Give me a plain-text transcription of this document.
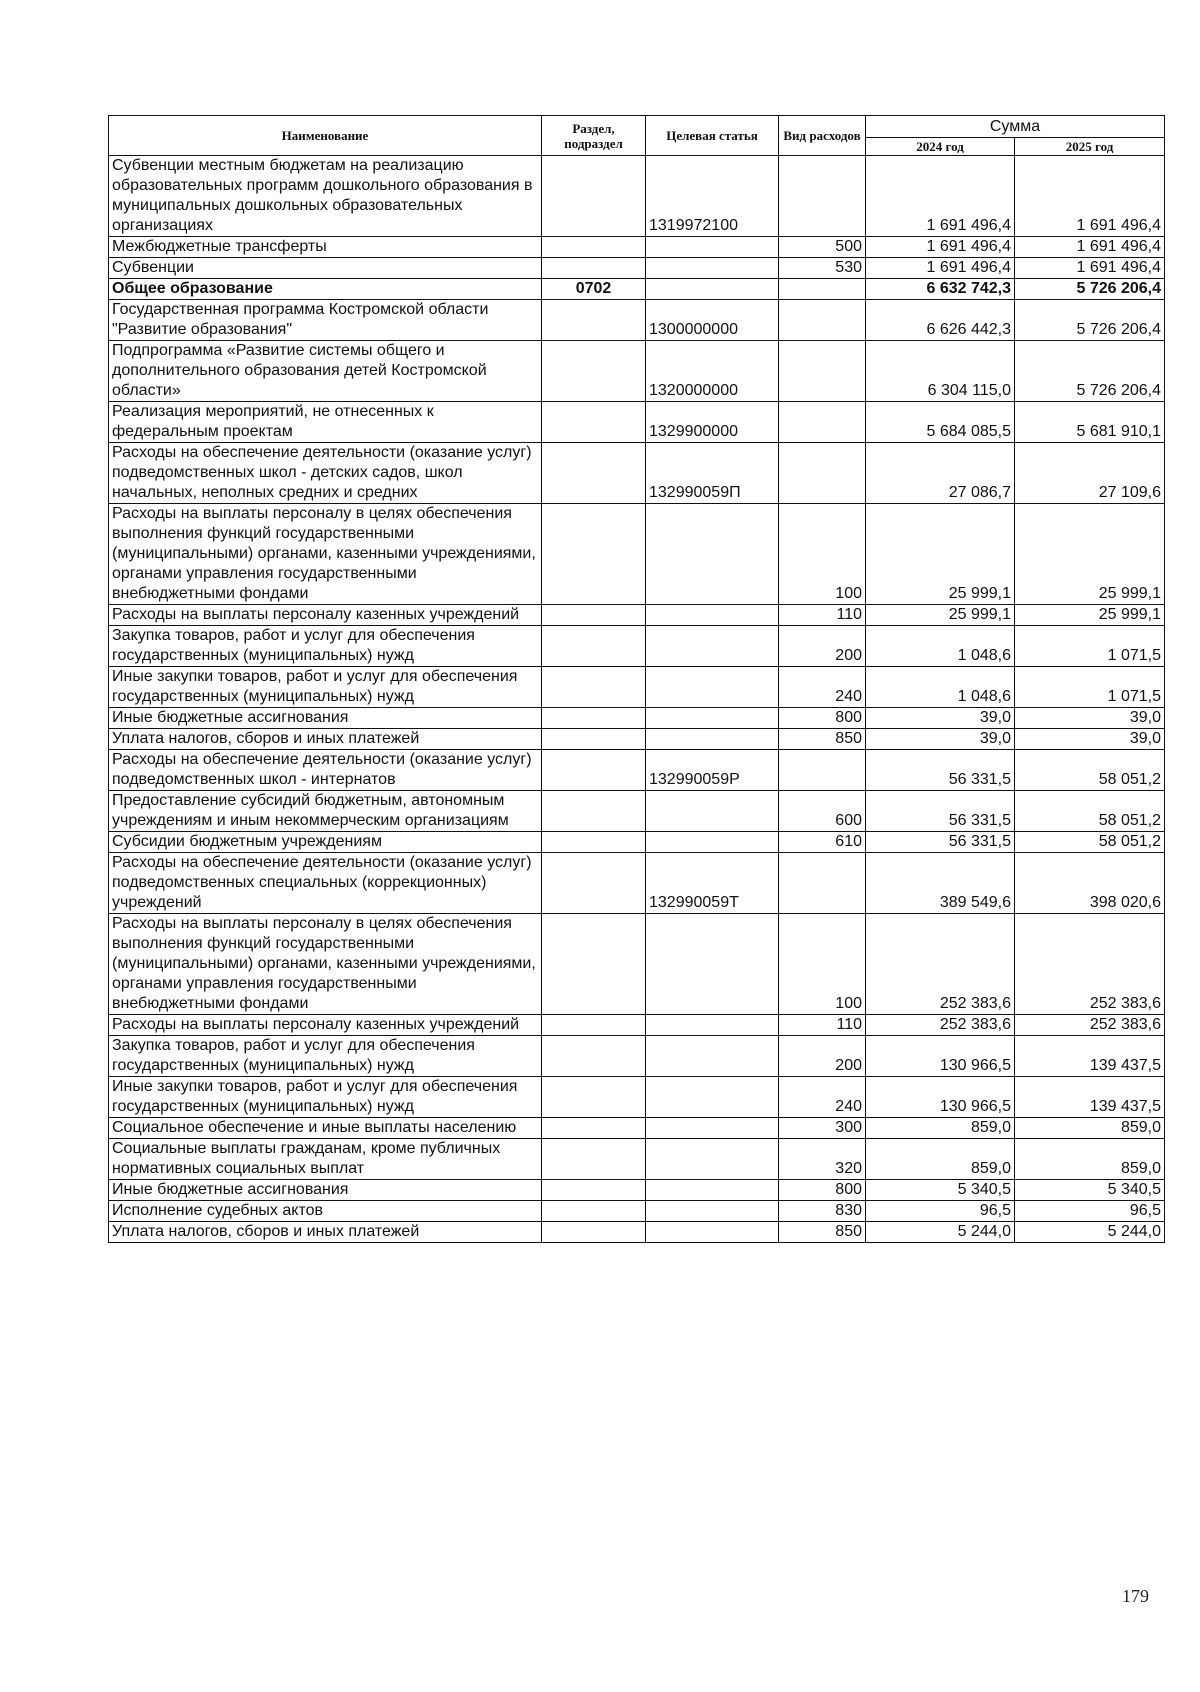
Наименование	Раздел, подраздел	Целевая статья	Вид расходов	Сумма	
				2024 год	2025 год
Субвенции местным бюджетам на реализацию образовательных программ дошкольного образования в муниципальных дошкольных образовательных организациях		1319972100		1 691 496,4	1 691 496,4
Межбюджетные трансферты			500	1 691 496,4	1 691 496,4
Субвенции			530	1 691 496,4	1 691 496,4
Общее образование	0702			6 632 742,3	5 726 206,4
Государственная программа Костромской области "Развитие образования"		1300000000		6 626 442,3	5 726 206,4
Подпрограмма «Развитие системы общего и дополнительного образования детей Костромской области»		1320000000		6 304 115,0	5 726 206,4
Реализация мероприятий, не отнесенных к федеральным проектам		1329900000		5 684 085,5	5 681 910,1
Расходы на обеспечение деятельности (оказание услуг) подведомственных школ - детских садов, школ начальных, неполных средних и средних		132990059П		27 086,7	27 109,6
Расходы на выплаты персоналу в целях обеспечения выполнения функций государственными (муниципальными) органами, казенными учреждениями, органами управления государственными внебюджетными фондами			100	25 999,1	25 999,1
Расходы на выплаты персоналу казенных учреждений			110	25 999,1	25 999,1
Закупка товаров, работ и услуг для обеспечения государственных (муниципальных) нужд			200	1 048,6	1 071,5
Иные закупки товаров, работ и услуг для обеспечения государственных (муниципальных) нужд			240	1 048,6	1 071,5
Иные бюджетные ассигнования			800	39,0	39,0
Уплата налогов, сборов и иных платежей			850	39,0	39,0
Расходы на обеспечение деятельности (оказание услуг) подведомственных школ - интернатов		132990059Р		56 331,5	58 051,2
Предоставление субсидий бюджетным, автономным учреждениям и иным некоммерческим организациям			600	56 331,5	58 051,2
Субсидии бюджетным учреждениям			610	56 331,5	58 051,2
Расходы на обеспечение деятельности (оказание услуг) подведомственных специальных (коррекционных) учреждений		132990059Т		389 549,6	398 020,6
Расходы на выплаты персоналу в целях обеспечения выполнения функций государственными (муниципальными) органами, казенными учреждениями, органами управления государственными внебюджетными фондами			100	252 383,6	252 383,6
Расходы на выплаты персоналу казенных учреждений			110	252 383,6	252 383,6
Закупка товаров, работ и услуг для обеспечения государственных (муниципальных) нужд			200	130 966,5	139 437,5
Иные закупки товаров, работ и услуг для обеспечения государственных (муниципальных) нужд			240	130 966,5	139 437,5
Социальное обеспечение и иные выплаты населению			300	859,0	859,0
Социальные выплаты гражданам, кроме публичных нормативных социальных выплат			320	859,0	859,0
Иные бюджетные ассигнования			800	5 340,5	5 340,5
Исполнение судебных актов			830	96,5	96,5
Уплата налогов, сборов и иных платежей			850	5 244,0	5 244,0
179
